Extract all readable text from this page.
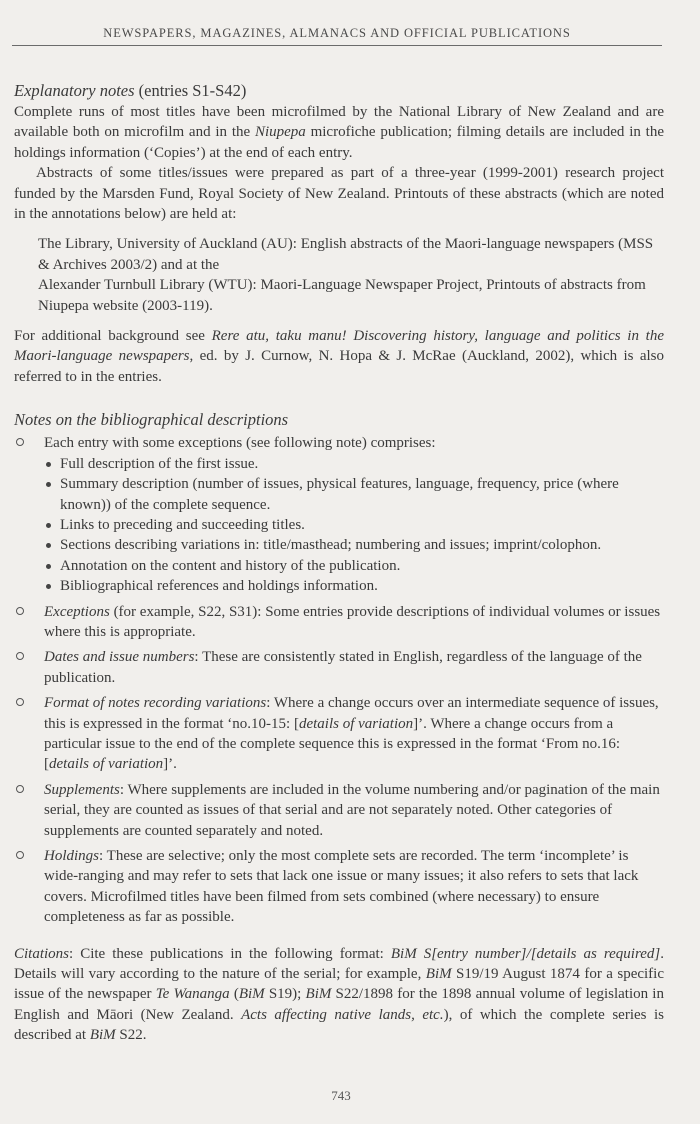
NEWSPAPERS, MAGAZINES, ALMANACS AND OFFICIAL PUBLICATIONS

Explanatory notes (entries S1-S42)

Complete runs of most titles have been microfilmed by the National Library of New Zealand and are available both on microfilm and in the Niupepa microfiche publication; filming details are included in the holdings information (‘Copies’) at the end of each entry.

Abstracts of some titles/issues were prepared as part of a three-year (1999-2001) research project funded by the Marsden Fund, Royal Society of New Zealand. Printouts of these abstracts (which are noted in the annotations below) are held at:

The Library, University of Auckland (AU): English abstracts of the Maori-language newspapers (MSS & Archives 2003/2) and at the

Alexander Turnbull Library (WTU): Maori-Language Newspaper Project, Printouts of abstracts from Niupepa website (2003-119).

For additional background see Rere atu, taku manu! Discovering history, language and politics in the Maori-language newspapers, ed. by J. Curnow, N. Hopa & J. McRae (Auckland, 2002), which is also referred to in the entries.

Notes on the bibliographical descriptions

Each entry with some exceptions (see following note) comprises:
Full description of the first issue.
Summary description (number of issues, physical features, language, frequency, price (where known)) of the complete sequence.
Links to preceding and succeeding titles.
Sections describing variations in: title/masthead; numbering and issues; imprint/colophon.
Annotation on the content and history of the publication.
Bibliographical references and holdings information.
Exceptions (for example, S22, S31): Some entries provide descriptions of individual volumes or issues where this is appropriate.
Dates and issue numbers: These are consistently stated in English, regardless of the language of the publication.
Format of notes recording variations: Where a change occurs over an intermediate sequence of issues, this is expressed in the format ‘no.10-15: [details of variation]’. Where a change occurs from a particular issue to the end of the complete sequence this is expressed in the format ‘From no.16: [details of variation]’.
Supplements: Where supplements are included in the volume numbering and/or pagination of the main serial, they are counted as issues of that serial and are not separately noted. Other categories of supplements are counted separately and noted.
Holdings: These are selective; only the most complete sets are recorded. The term ‘incomplete’ is wide-ranging and may refer to sets that lack one issue or many issues; it also refers to sets that lack covers. Microfilmed titles have been filmed from sets combined (where necessary) to ensure completeness as far as possible.

Citations: Cite these publications in the following format: BiM S[entry number]/[details as required]. Details will vary according to the nature of the serial; for example, BiM S19/19 August 1874 for a specific issue of the newspaper Te Wananga (BiM S19); BiM S22/1898 for the 1898 annual volume of legislation in English and Māori (New Zealand. Acts affecting native lands, etc.), of which the complete series is described at BiM S22.

743
